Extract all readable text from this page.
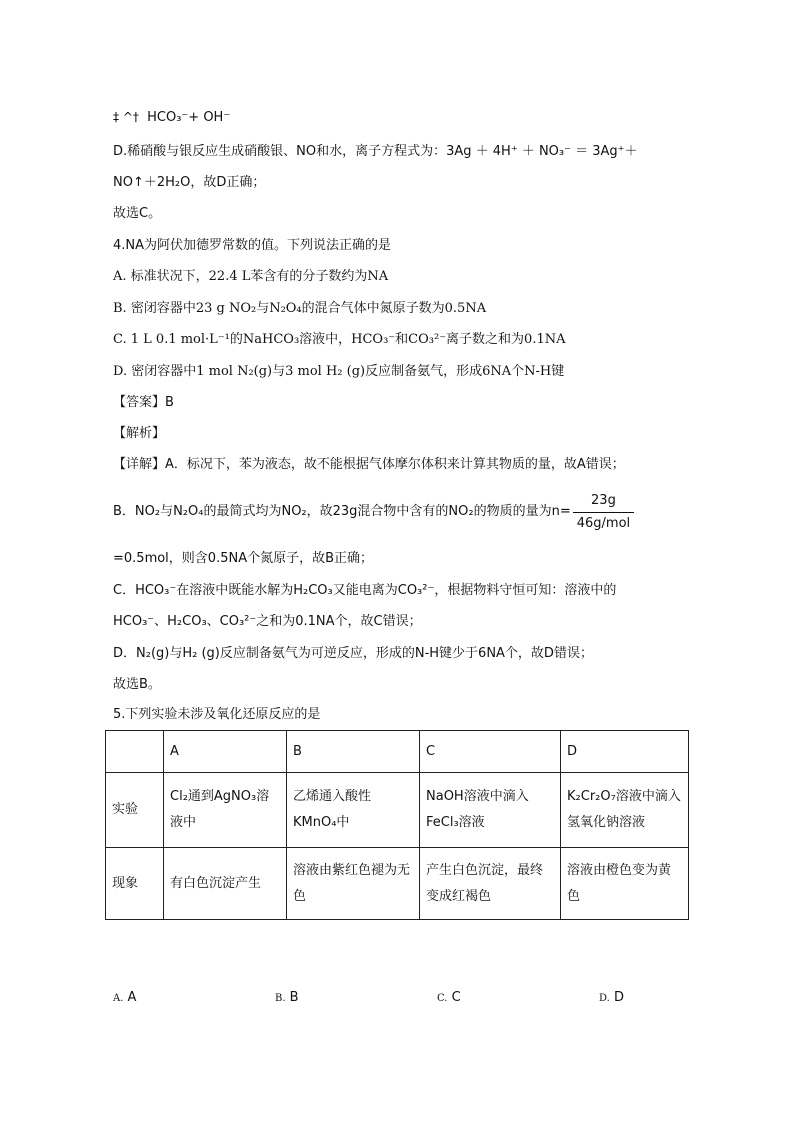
‡ ^† HCO₃⁻+ OH⁻
D.稀硝酸与银反应生成硝酸银、NO和水，离子方程式为：3Ag ＋ 4H⁺ ＋ NO₃⁻ ＝ 3Ag⁺＋
NO↑＋2H₂O，故D正确；
故选C。
4.NA为阿伏加德罗常数的值。下列说法正确的是
A. 标准状况下，22.4 L苯含有的分子数约为NA
B. 密闭容器中23 g NO₂与N₂O₄的混合气体中氮原子数为0.5NA
C. 1 L 0.1 mol·L⁻¹的NaHCO₃溶液中，HCO₃⁻和CO₃²⁻离子数之和为0.1NA
D. 密闭容器中1 mol N₂(g)与3 mol H₂ (g)反应制备氨气，形成6NA个N-H键
【答案】B
【解析】
【详解】A．标况下，苯为液态，故不能根据气体摩尔体积来计算其物质的量，故A错误；
B．NO₂与N₂O₄的最简式均为NO₂，故23g混合物中含有的NO₂的物质的量为$n= \frac{23g}{\text{46g/mol}}$
=0.5mol，则含0.5NA个氮原子，故B正确；
C．HCO₃⁻在溶液中既能水解为H₂CO₃又能电离为CO₃²⁻，根据物料守恒可知：溶液中的
HCO₃⁻、H₂CO₃、CO₃²⁻之和为0.1NA个，故C错误；
D．N₂(g)与H₂ (g)反应制备氨气为可逆反应，形成的N-H键少于6NA个，故D错误；
故选B。
5.下列实验未涉及氧化还原反应的是
	A	B	C	D
实验	Cl₂通到AgNO₃溶液中	乙烯通入酸性KMnO₄中	NaOH溶液中滴入FeCl₃溶液	K₂Cr₂O₇溶液中滴入氢氧化钠溶液
现象	有白色沉淀产生	溶液由紫红色褪为无色	产生白色沉淀，最终变成红褐色	溶液由橙色变为黄色
A. A	B. B	C. C	D. D
